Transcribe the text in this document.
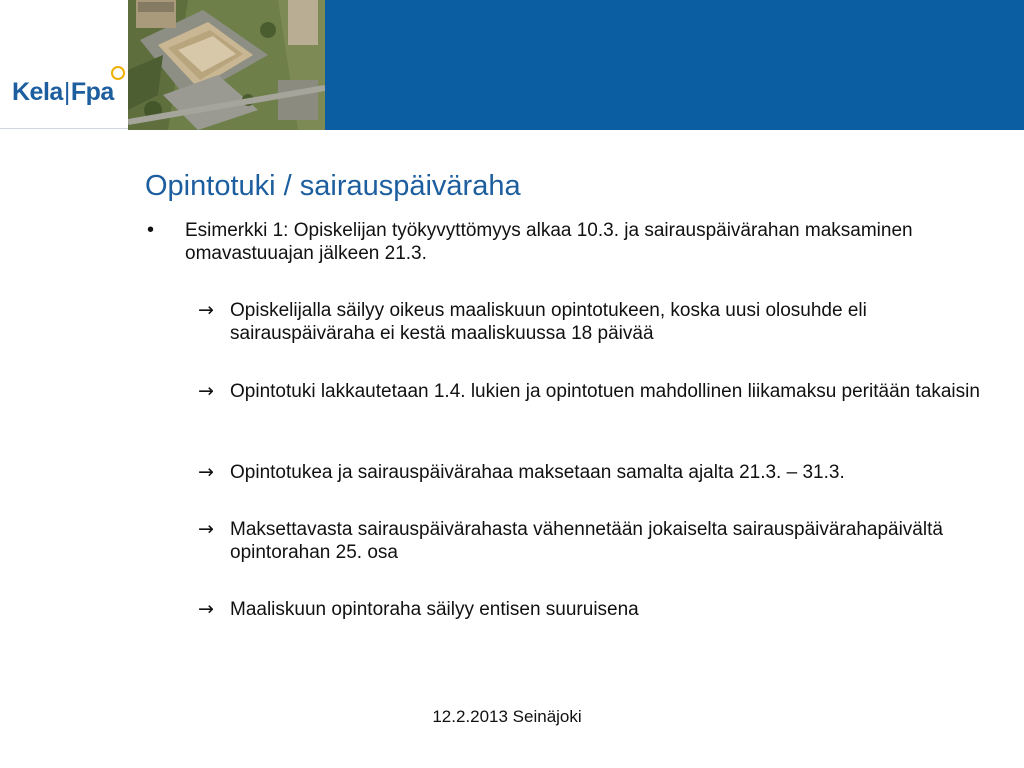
Kela|Fpa
Opintotuki / sairauspäiväraha
• Esimerkki 1: Opiskelijan työkyvyttömyys alkaa 10.3. ja sairauspäivärahan maksaminen omavastuuajan jälkeen 21.3.
→ Opiskelijalla säilyy oikeus maaliskuun opintotukeen, koska uusi olosuhde eli sairauspäiväraha ei kestä maaliskuussa 18 päivää
→ Opintotuki lakkautetaan 1.4. lukien ja opintotuen mahdollinen liikamaksu peritään takaisin
→ Opintotukea ja sairauspäivärahaa maksetaan samalta ajalta 21.3. – 31.3.
→ Maksettavasta sairauspäivärahasta vähennetään jokaiselta sairauspäivärahapäivältä opintorahan 25. osa
→ Maaliskuun opintoraha säilyy entisen suuruisena
12.2.2013 Seinäjoki
